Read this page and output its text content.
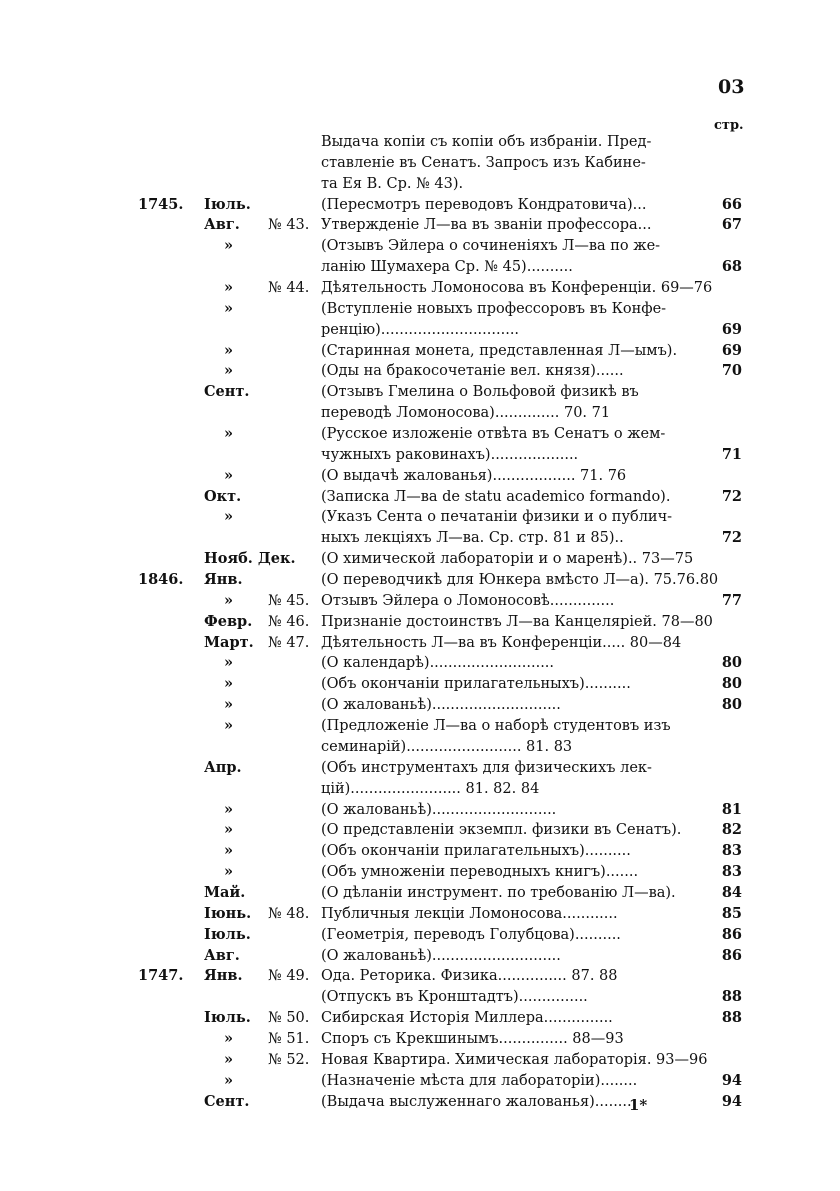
03
стр.
Выдача копіи съ копіи объ избраніи. Пред-
ставленіе въ Сенатъ. Запросъ изъ Кабине-
та Ея В. Ср. № 43).
1745. Іюль.	(Пересмотръ переводовъ Кондратовича)...	66
Авг. № 43. Утвержденіе Л—ва въ званіи профессора...	67
»	(Отзывъ Эйлера о сочиненіяхъ Л—ва по же-
ланію Шумахера Ср. № 45)..........	68
» № 44. Дѣятельность Ломоносова въ Конференціи. 69—76
»	(Вступленіе новыхъ профессоровъ въ Конфе-
ренцію)..............................	69
»	(Старинная монета, представленная Л—ымъ).	69
»	(Оды на бракосочетаніе вел. князя)......	70
Сент.	(Отзывъ Гмелина о Вольфовой физикѣ въ
переводѣ Ломоносова).............. 70. 71
»	(Русское изложеніе отвѣта въ Сенатъ о жем-
чужныхъ раковинахъ)...................	71
»	(О выдачѣ жалованья).................. 71. 76
Окт.	(Записка Л—ва de statu academico formando).	72
»	(Указъ Сента о печатаніи физики и о публич-
ныхъ лекціяхъ Л—ва. Ср. стр. 81 и 85)..	72
Нояб. Дек. (О химической лабораторіи и о маренѣ).. 73—75
1846. Янв.	(О переводчикѣ для Юнкера вмѣсто Л—а). 75.76.80
» № 45. Отзывъ Эйлера о Ломоносовѣ..............	77
Февр. № 46. Признаніе достоинствъ Л—ва Канцеляріей. 78—80
Март. № 47. Дѣятельность Л—ва въ Конференціи..... 80—84
»	(О календарѣ)...........................	80
»	(Объ окончаніи прилагательныхъ)..........	80
»	(О жалованьѣ)............................	80
»	(Предложеніе Л—ва о наборѣ студентовъ изъ
семинарій)......................... 81. 83
Апр.	(Объ инструментахъ для физическихъ лек-
цій)........................ 81. 82. 84
»	(О жалованьѣ)...........................	81
»	(О представленіи экземпл. физики въ Сенатъ).	82
»	(Объ окончаніи прилагательныхъ)..........	83
»	(Объ умноженіи переводныхъ книгъ).......	83
Май.	(О дѣланіи инструмент. по требованію Л—ва).	84
Іюнь. № 48. Публичныя лекціи Ломоносова............	85
Іюль.	(Геометрія, переводъ Голубцова)..........	86
Авг.	(О жалованьѣ)............................	86
1747. Янв. № 49. Ода. Реторика. Физика............... 87. 88
(Отпускъ въ Кронштадтъ)...............	88
Іюль. № 50. Сибирская Исторія Миллера...............	88
» № 51. Споръ съ Крекшинымъ............... 88—93
» № 52. Новая Квартира. Химическая лабораторія. 93—96
»	(Назначеніе мѣста для лабораторіи)........	94
Сент.	(Выдача выслуженнаго жалованья)........	94
1*
